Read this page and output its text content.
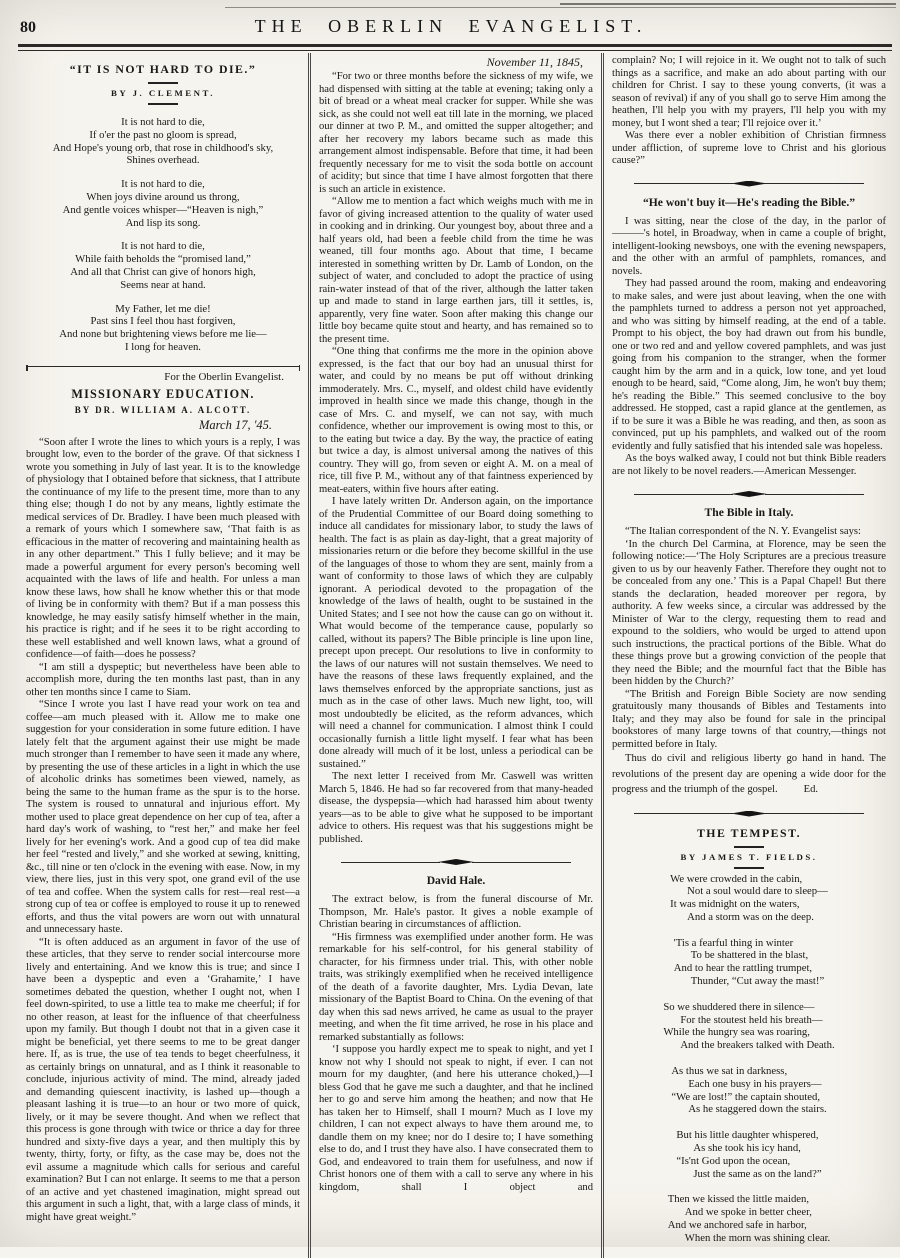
80	THE OBERLIN EVANGELIST.
“IT IS NOT HARD TO DIE.”
BY J. CLEMENT.
It is not hard to die,
If o'er the past no gloom is spread,
And Hope's young orb, that rose in childhood's sky,
Shines overhead.
It is not hard to die,
When joys divine around us throng,
And gentle voices whisper—“Heaven is nigh,”
And lisp its song.
It is not hard to die,
While faith beholds the “promised land,”
And all that Christ can give of honors high,
Seems near at hand.
My Father, let me die!
Past sins I feel thou hast forgiven,
And none but brightening views before me lie—
I long for heaven.
For the Oberlin Evangelist.
MISSIONARY EDUCATION.
BY DR. WILLIAM A. ALCOTT.
March 17, '45.

“Soon after I wrote the lines to which yours is a reply, I was brought low, even to the border of the grave. Of that sickness I wrote you something in July of last year. It is to the knowledge of physiology that I obtained before that sickness, that I attribute the continuance of my life to the present time, more than to any thing else; though I do not by any means, lightly estimate the medical services of Dr. Bradley. I have been much pleased with a remark of yours which I somewhere saw, ‘That faith is as efficacious in the matter of recovering and maintaining health as in any other department.” This I fully believe; and it may be made a powerful argument for every person's becoming well acquainted with the laws of life and health. For unless a man know these laws, how shall he know whether this or that mode of living be in conformity with them? But if a man possess this knowledge, he may easily satisfy himself whether in the main, his practice is right; and if he sees it to be right according to these well established and well known laws, what a ground of confidence—of faith—does he possess?

“I am still a dyspeptic; but nevertheless have been able to accomplish more, during the ten months last past, than in any other ten months since I came to Siam.

“Since I wrote you last I have read your work on tea and coffee—am much pleased with it. Allow me to make one suggestion for your consideration in some future edition. I have lately felt that the argument against their use might be made much stronger than I remember to have seen it made any where, by presenting the use of these articles in a light in which the use of alcoholic drinks has sometimes been viewed, namely, as being the same to the human frame as the spur is to the horse. The system is roused to unnatural and injurious effort. My mother used to place great dependence on her cup of tea, after a hard day's work of washing, to “rest her,” and make her feel lively for her evening's work. And a good cup of tea did make her feel “rested and lively,” and she worked at sewing, knitting, &c., till nine or ten o'clock in the evening with ease. Now, in my view, there lies, just in this very spot, one grand evil of the use of tea and coffee. When the system calls for rest—real rest—a strong cup of tea or coffee is employed to rouse it up to renewed efforts, and thus the vital powers are worn out with unnatural and unnecessary haste.

“It is often adduced as an argument in favor of the use of these articles, that they serve to render social intercourse more lively and entertaining. And we know this is true; and since I have been a dyspeptic and even a ‘Grahamite,’ I have sometimes debated the question, whether I ought not, when I feel down-spirited, to use a little tea to make me cheerful; if for no other reason, at least for the influence of that cheerfulness upon my family. But though I doubt not that in a given case it might be beneficial, yet there seems to me to be great danger here. If, as is true, the use of tea tends to beget cheerfulness, it as certainly brings on unnatural, and as I think it reasonable to conclude, injurious activity of mind. The mind, already jaded and demanding quiescent inactivity, is lashed up—though a pleasant lashing it is true—to an hour or two more of quick, lively, or it may be severe thought. And when we reflect that this process is gone through with twice or thrice a day for three hundred and sixty-five days a year, and then multiply this by twenty, thirty, forty, or fifty, as the case may be, does not the evil assume a magnitude which calls for serious and careful examination? But I can not enlarge. It seems to me that a person of an active and yet chastened imagination, might spread out this argument in such a light, that, with a large class of minds, it might have great weight.”

November 11, 1845,

“For two or three months before the sickness of my wife, we had dispensed with sitting at the table at evening; taking only a bit of bread or a wheat meal cracker for supper. While she was sick, as she could not well eat till late in the morning, we placed our dinner at two P. M., and omitted the supper altogether; and after her recovery my labors became such as made this arrangement almost indispensable. Before that time, it had been frequently necessary for me to visit the soda bottle on account of acidity; but since that time I have almost forgotten that there is such an article in existence.

“Allow me to mention a fact which weighs much with me in favor of giving increased attention to the quality of water used in cooking and in drinking. Our youngest boy, about three and a half years old, had been a feeble child from the time he was weaned, till four months ago. About that time, I became interested in something written by Dr. Lamb of London, on the subject of water, and concluded to adopt the practice of using rain-water instead of that of the river, although the latter taken up and made to stand in large earthen jars, till it settles, is, apparently, very fine water. Soon after making this change our little boy became quite stout and hearty, and has remained so to the present time.

“One thing that confirms me the more in the opinion above expressed, is the fact that our boy had an unusual thirst for water, and could by no means be put off without drinking immoderately. Mrs. C., myself, and oldest child have evidently improved in health since we made this change, though in the case of Mrs. C. and myself, we can not say, with much confidence, whether our improvement is owing most to this, or to the eating but twice a day. By the way, the practice of eating but twice a day, is almost universal among the natives of this country. They will go, from seven or eight A. M. on a meal of rice, till five P. M., without any of that faintness experienced by meat-eaters, within five hours after eating.

I have lately written Dr. Anderson again, on the importance of the Prudential Committee of our Board doing something to induce all candidates for missionary labor, to study the laws of health. The fact is as plain as day-light, that a great majority of missionaries return or die before they become skillful in the use of the languages of those to whom they are sent, mainly from a want of conformity to those laws of which they are culpably ignorant. A periodical devoted to the propagation of the knowledge of the laws of health, ought to be sustained in the United States; and I see not how the cause can go on without it. What would become of the temperance cause, popularly so called, without its papers? The Bible principle is line upon line, precept upon precept. Our resolutions to live in conformity to the laws of our natures will not sustain themselves. We need to have the reasons of these laws frequently explained, and the laws themselves enforced by the appropriate sanctions, just as much as in the case of other laws. Much new light, too, will most undoubtedly be elicited, as the reform advances, which will need a channel for communication. I almost think I could occasionally furnish a little light myself. I fear what has been done already will much of it be lost, unless a periodical can be sustained.”

The next letter I received from Mr. Caswell was written March 5, 1846. He had so far recovered from that many-headed disease, the dyspepsia—which had harassed him about twenty years—as to be able to give what he supposed to be important advice to others. His request was that his suggestions might be published.

David Hale.

The extract below, is from the funeral discourse of Mr. Thompson, Mr. Hale's pastor. It gives a noble example of Christian bearing in circumstances of affliction.

“His firmness was exemplified under another form. He was remarkable for his self-control, for his general stability of character, for his firmness under trial. This, with other noble traits, was strikingly exemplified when he received intelligence of the death of a favorite daughter, Mrs. Lydia Devan, late missionary of the Baptist Board to China. On the evening of that day when this sad news arrived, he came as usual to the prayer meeting, and when the fit time arrived, he rose in his place and remarked substantially as follows:

‘I suppose you hardly expect me to speak to night, and yet I know not why I should not speak to night, if ever. I can not mourn for my daughter, (and here his utterance choked,)—I bless God that he gave me such a daughter, and that he inclined her to go and serve him among the heathen; and now that He has taken her to Himself, shall I mourn? Much as I love my children, I can not expect always to have them around me, to dandle them on my knee; nor do I desire to; I have something else to do, and I trust they have also. I have consecrated them to God, and endeavored to train them for usefulness, and now if Christ honors one of them with a call to serve any where in his kingdom, shall I object and

complain? No; I will rejoice in it. We ought not to talk of such things as a sacrifice, and make an ado about parting with our children for Christ. I say to these young converts, (it was a season of revival) if any of you shall go to serve Him among the heathen, I'll help you with my prayers, I'll help you with my money, but I wont shed a tear; I'll rejoice over it.’

Was there ever a nobler exhibition of Christian firmness under affliction, of supreme love to Christ and his glorious cause?”

“He won't buy it—He's reading the Bible.”

I was sitting, near the close of the day, in the parlor of ———'s hotel, in Broadway, when in came a couple of bright, intelligent-looking newsboys, one with the evening newspapers, and the other with an armful of pamphlets, romances, and novels.

They had passed around the room, making and endeavoring to make sales, and were just about leaving, when the one with the pamphlets turned to address a person not yet approached, and who was sitting by himself reading, at the end of a table. Prompt to his object, the boy had drawn out from his bundle, one or two red and and yellow covered pamphlets, and was just going from his companion to the stranger, when the former caught him by the arm and in a quick, low tone, and yet loud enough to be heard, said, “Come along, Jim, he won't buy them; he's reading the Bible.” This seemed conclusive to the boy addressed. He stopped, cast a rapid glance at the gentlemen, as if to be sure it was a Bible he was reading, and then, as soon as convinced, put up his pamphlets, and walked out of the room evidently and fully satisfied that his intended sale was hopeless.

As the boys walked away, I could not but think Bible readers are not likely to be novel readers.—American Messenger.

The Bible in Italy.

“The Italian correspondent of the N. Y. Evangelist says:

‘In the church Del Carmina, at Florence, may be seen the following notice:—‘The Holy Scriptures are a precious treasure given to us by our heavenly Father. Therefore they ought not to be concealed from any one.’ This is a Papal Chapel! But there stands the declaration, headed moreover per regora, by authority. A few weeks since, a circular was addressed by the Minister of War to the clergy, requesting them to read and expound to the soldiers, who would be urged to attend upon such instructions, the practical portions of the Bible. What do these things prove but a growing conviction of the people that they need the Bible; and the mournful fact that the Bible has been hidden by the Church?’

“The British and Foreign Bible Society are now sending gratuitously many thousands of Bibles and Testaments into Italy; and they may also be found for sale in the principal bookstores of many large towns of that country,—things not permitted before in Italy.

Thus do civil and religious liberty go hand in hand. The revolutions of the present day are opening a wide door for the progress and the triumph of the gospel. Ed.

THE TEMPEST.
BY JAMES T. FIELDS.
We were crowded in the cabin,
Not a soul would dare to sleep—
It was midnight on the waters,
And a storm was on the deep.
'Tis a fearful thing in winter
To be shattered in the blast,
And to hear the rattling trumpet,
Thunder, “Cut away the mast!”
So we shuddered there in silence—
For the stoutest held his breath—
While the hungry sea was roaring,
And the breakers talked with Death.
As thus we sat in darkness,
Each one busy in his prayers—
“We are lost!” the captain shouted,
As he staggered down the stairs.
But his little daughter whispered,
As she took his icy hand,
“Is'nt God upon the ocean,
Just the same as on the land?”
Then we kissed the little maiden,
And we spoke in better cheer,
And we anchored safe in harbor,
When the morn was shining clear.
